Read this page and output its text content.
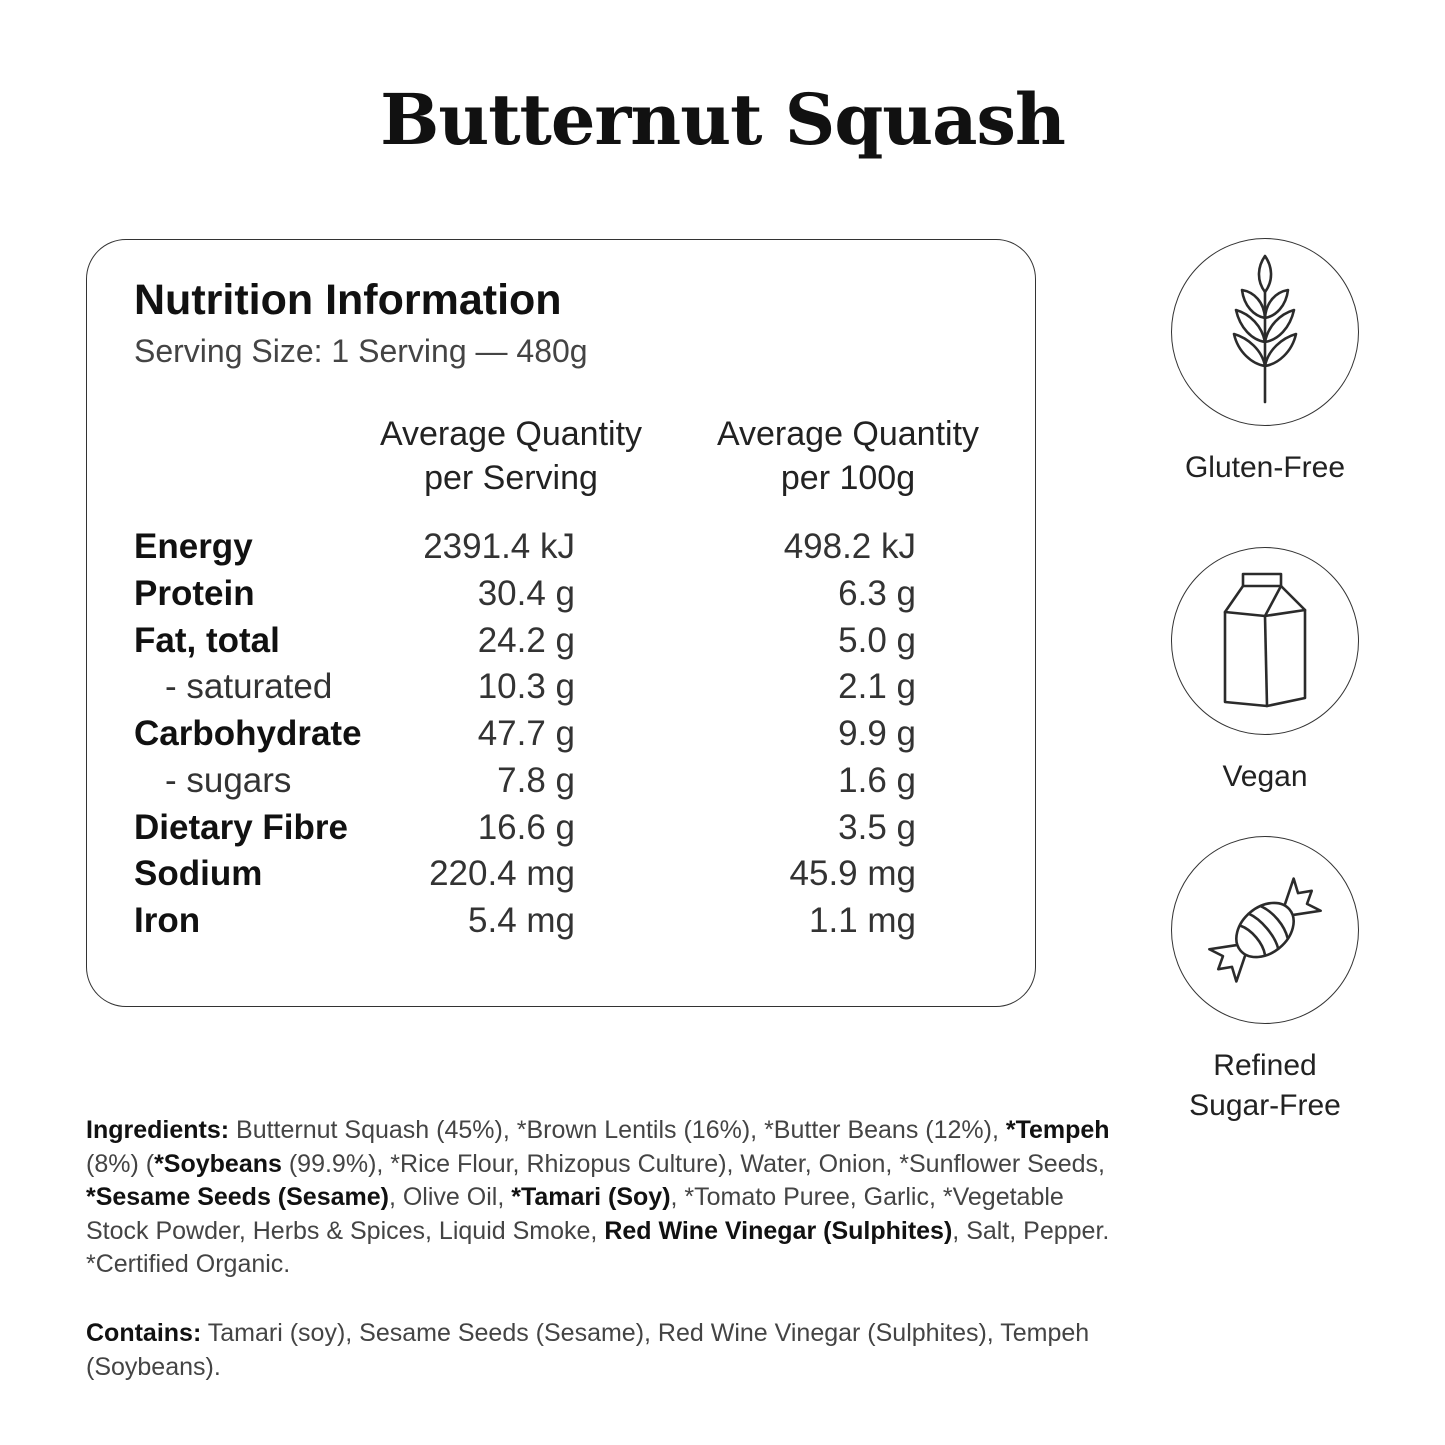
Butternut Squash
Nutrition Information
Serving Size: 1 Serving — 480g
Average Quantity
per Serving
Average Quantity
per 100g
Energy	2391.4 kJ	498.2 kJ
Protein	30.4 g	6.3 g
Fat, total	24.2 g	5.0 g
- saturated	10.3 g	2.1 g
Carbohydrate	47.7 g	9.9 g
- sugars	7.8 g	1.6 g
Dietary Fibre	16.6 g	3.5 g
Sodium	220.4 mg	45.9 mg
Iron	5.4 mg	1.1 mg
Gluten-Free
Vegan
Refined
Sugar-Free
Ingredients: Butternut Squash (45%), *Brown Lentils (16%), *Butter Beans (12%), *Tempeh (8%) (*Soybeans (99.9%), *Rice Flour, Rhizopus Culture), Water, Onion, *Sunflower Seeds, *Sesame Seeds (Sesame), Olive Oil, *Tamari (Soy), *Tomato Puree, Garlic, *Vegetable Stock Powder, Herbs & Spices, Liquid Smoke, Red Wine Vinegar (Sulphites), Salt, Pepper. *Certified Organic.
Contains: Tamari (soy), Sesame Seeds (Sesame), Red Wine Vinegar (Sulphites), Tempeh (Soybeans).
